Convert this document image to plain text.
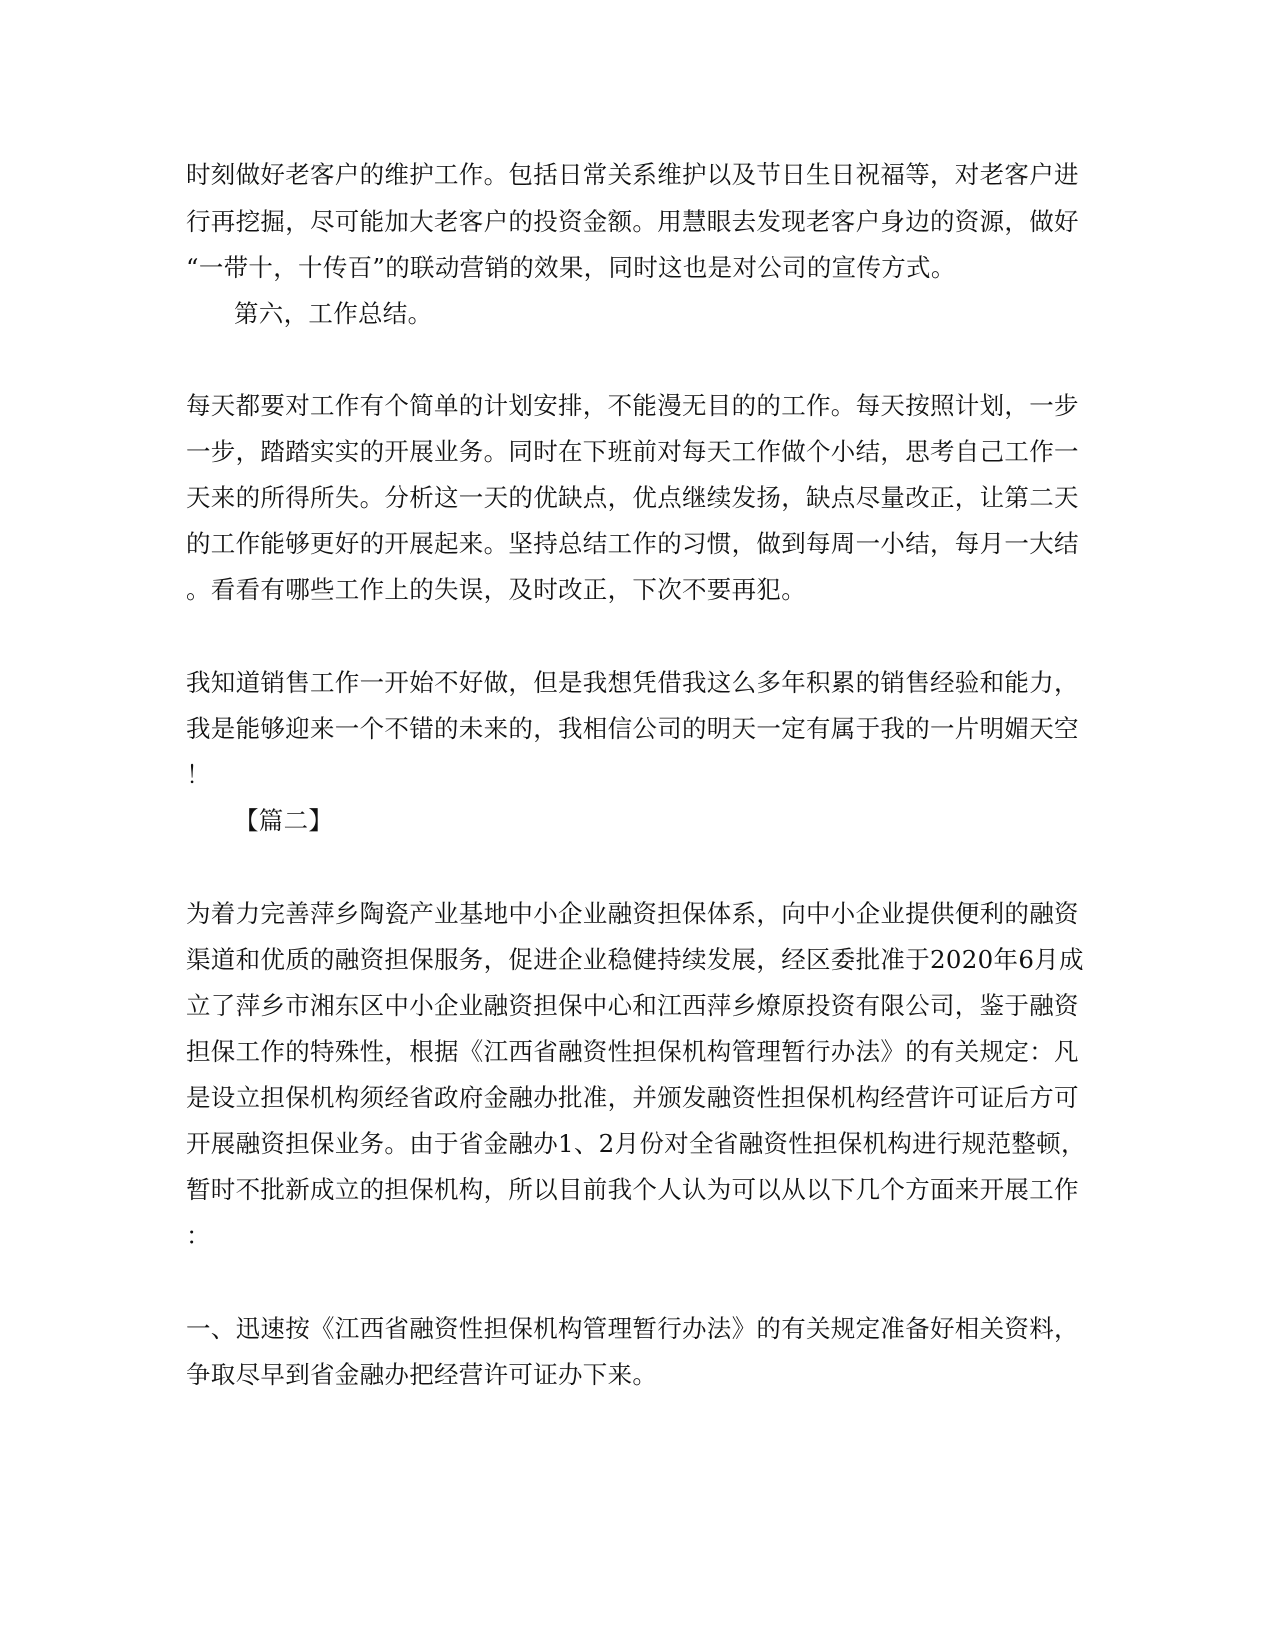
时刻做好老客户的维护工作。包括日常关系维护以及节日生日祝福等，对老客户进
行再挖掘，尽可能加大老客户的投资金额。用慧眼去发现老客户身边的资源，做好
“一带十，十传百”的联动营销的效果，同时这也是对公司的宣传方式。
第六，工作总结。
每天都要对工作有个简单的计划安排，不能漫无目的的工作。每天按照计划，一步
一步，踏踏实实的开展业务。同时在下班前对每天工作做个小结，思考自己工作一
天来的所得所失。分析这一天的优缺点，优点继续发扬，缺点尽量改正，让第二天
的工作能够更好的开展起来。坚持总结工作的习惯，做到每周一小结，每月一大结
。看看有哪些工作上的失误，及时改正，下次不要再犯。
我知道销售工作一开始不好做，但是我想凭借我这么多年积累的销售经验和能力，
我是能够迎来一个不错的未来的，我相信公司的明天一定有属于我的一片明媚天空
！
【篇二】
为着力完善萍乡陶瓷产业基地中小企业融资担保体系，向中小企业提供便利的融资
渠道和优质的融资担保服务，促进企业稳健持续发展，经区委批准于2020年6月成
立了萍乡市湘东区中小企业融资担保中心和江西萍乡燎原投资有限公司，鉴于融资
担保工作的特殊性，根据《江西省融资性担保机构管理暂行办法》的有关规定：凡
是设立担保机构须经省政府金融办批准，并颁发融资性担保机构经营许可证后方可
开展融资担保业务。由于省金融办1、2月份对全省融资性担保机构进行规范整顿，
暂时不批新成立的担保机构，所以目前我个人认为可以从以下几个方面来开展工作
：
一、迅速按《江西省融资性担保机构管理暂行办法》的有关规定准备好相关资料，
争取尽早到省金融办把经营许可证办下来。
